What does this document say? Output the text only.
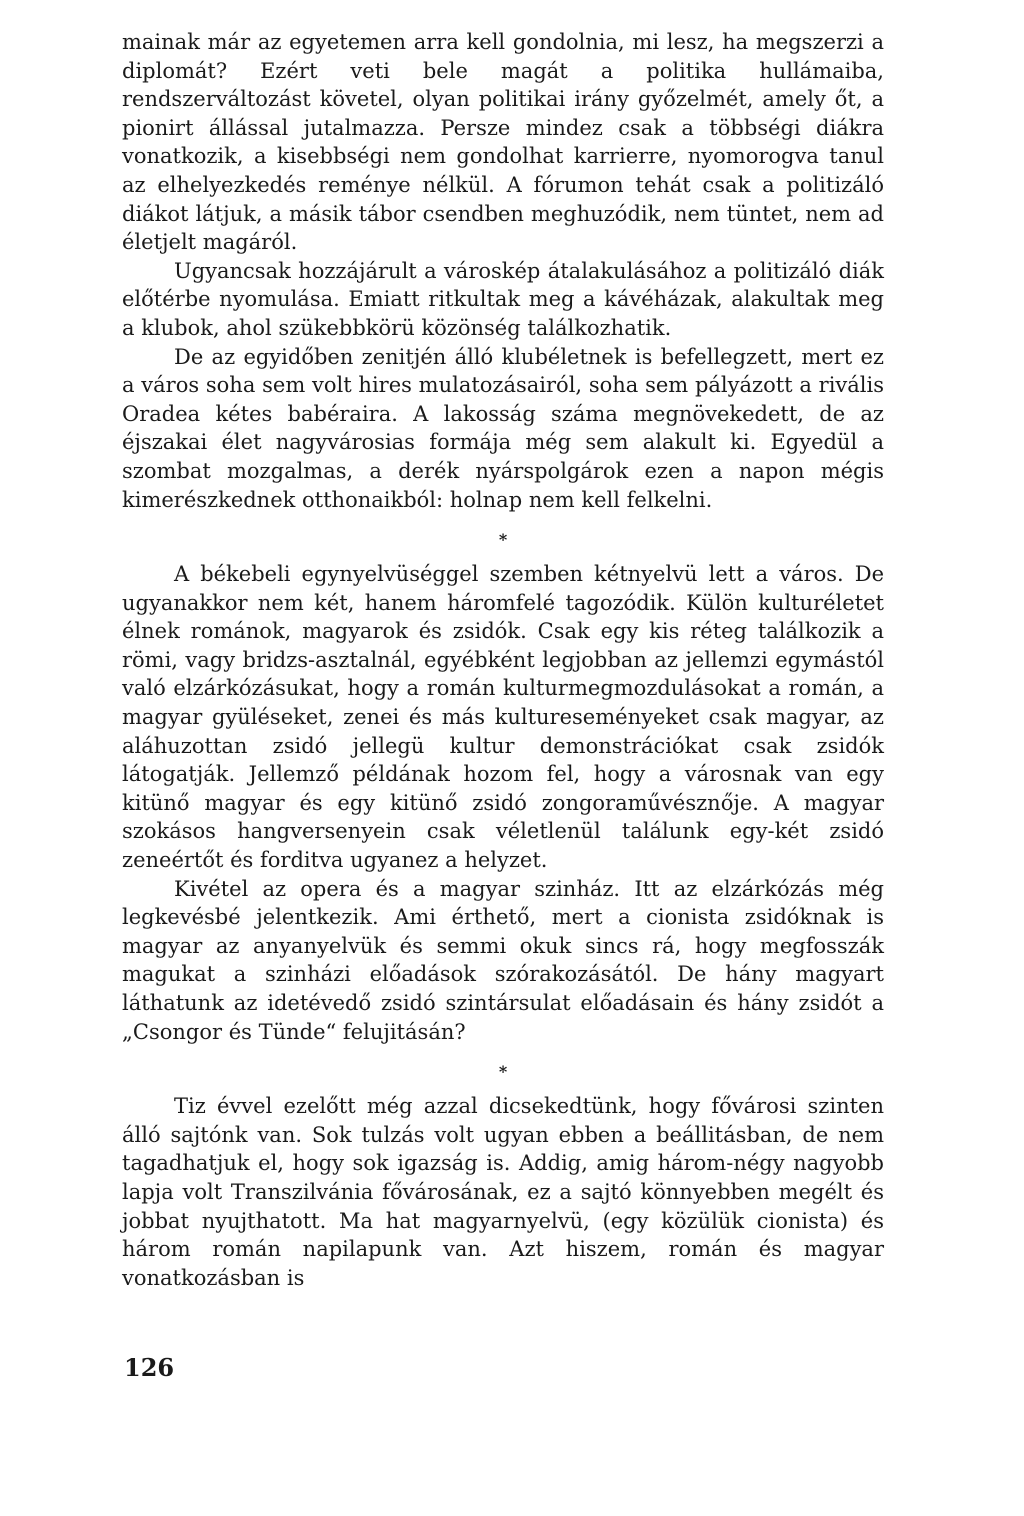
mainak már az egyetemen arra kell gondolnia, mi lesz, ha megszerzi a diplomát? Ezért veti bele magát a politika hullámaiba, rendszerváltozást követel, olyan politikai irány győzelmét, amely őt, a pionirt állással jutalmazza. Persze mindez csak a többségi diákra vonatkozik, a kisebbségi nem gondolhat karrierre, nyomorogva tanul az elhelyezkedés reménye nélkül. A fórumon tehát csak a politizáló diákot látjuk, a másik tábor csendben meghuzódik, nem tüntet, nem ad életjelt magáról.

Ugyancsak hozzájárult a városkép átalakulásához a politizáló diák előtérbe nyomulása. Emiatt ritkultak meg a kávéházak, alakultak meg a klubok, ahol szükebbkörü közönség találkozhatik.

De az egyidőben zenitjén álló klubéletnek is befellegzett, mert ez a város soha sem volt hires mulatozásairól, soha sem pályázott a rivális Oradea kétes babéraira. A lakosság száma megnövekedett, de az éjszakai élet nagyvárosias formája még sem alakult ki. Egyedül a szombat mozgalmas, a derék nyárspolgárok ezen a napon mégis kimerészkednek otthonaikból: holnap nem kell felkelni.

*

A békebeli egynyelvüséggel szemben kétnyelvü lett a város. De ugyanakkor nem két, hanem háromfelé tagozódik. Külön kulturéletet élnek románok, magyarok és zsidók. Csak egy kis réteg találkozik a römi, vagy bridzs-asztalnál, egyébként legjobban az jellemzi egymástól való elzárkózásukat, hogy a román kulturmegmozdulásokat a román, a magyar gyüléseket, zenei és más kultureseményeket csak magyar, az aláhuzottan zsidó jellegü kultur demonstrációkat csak zsidók látogatják. Jellemző példának hozom fel, hogy a városnak van egy kitünő magyar és egy kitünő zsidó zongoraművésznője. A magyar szokásos hangversenyein csak véletlenül találunk egy-két zsidó zeneértőt és forditva ugyanez a helyzet.

Kivétel az opera és a magyar szinház. Itt az elzárkózás még legkevésbé jelentkezik. Ami érthető, mert a cionista zsidóknak is magyar az anyanyelvük és semmi okuk sincs rá, hogy megfosszák magukat a szinházi előadások szórakozásától. De hány magyart láthatunk az idetévedő zsidó szintársulat előadásain és hány zsidót a „Csongor és Tünde“ felujitásán?

*

Tiz évvel ezelőtt még azzal dicsekedtünk, hogy fővárosi szinten álló sajtónk van. Sok tulzás volt ugyan ebben a beállitásban, de nem tagadhatjuk el, hogy sok igazság is. Addig, amig három-négy nagyobb lapja volt Transzilvánia fővárosának, ez a sajtó könnyebben megélt és jobbat nyujthatott. Ma hat magyarnyelvü, (egy közülük cionista) és három román napilapunk van. Azt hiszem, román és magyar vonatkozásban is

126
